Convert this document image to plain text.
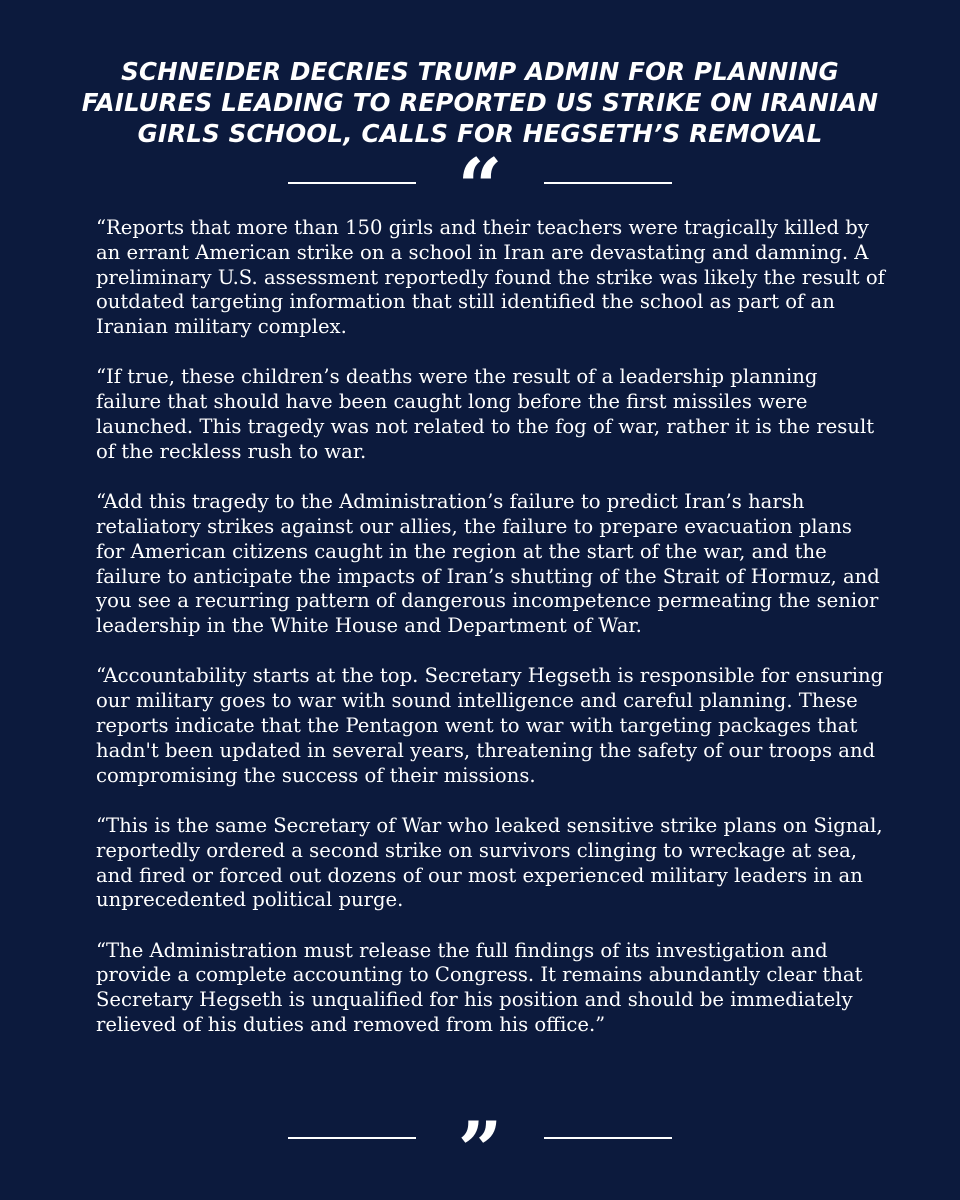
SCHNEIDER DECRIES TRUMP ADMIN FOR PLANNING FAILURES LEADING TO REPORTED US STRIKE ON IRANIAN GIRLS SCHOOL, CALLS FOR HEGSETH’S REMOVAL
“

“Reports that more than 150 girls and their teachers were tragically killed by an errant American strike on a school in Iran are devastating and damning. A preliminary U.S. assessment reportedly found the strike was likely the result of outdated targeting information that still identified the school as part of an Iranian military complex.

“If true, these children’s deaths were the result of a leadership planning failure that should have been caught long before the first missiles were launched. This tragedy was not related to the fog of war, rather it is the result of the reckless rush to war.

“Add this tragedy to the Administration’s failure to predict Iran’s harsh retaliatory strikes against our allies, the failure to prepare evacuation plans for American citizens caught in the region at the start of the war, and the failure to anticipate the impacts of Iran’s shutting of the Strait of Hormuz, and you see a recurring pattern of dangerous incompetence permeating the senior leadership in the White House and Department of War.

“Accountability starts at the top. Secretary Hegseth is responsible for ensuring our military goes to war with sound intelligence and careful planning. These reports indicate that the Pentagon went to war with targeting packages that hadn't been updated in several years, threatening the safety of our troops and compromising the success of their missions.

“This is the same Secretary of War who leaked sensitive strike plans on Signal, reportedly ordered a second strike on survivors clinging to wreckage at sea, and fired or forced out dozens of our most experienced military leaders in an unprecedented political purge.

“The Administration must release the full findings of its investigation and provide a complete accounting to Congress. It remains abundantly clear that Secretary Hegseth is unqualified for his position and should be immediately relieved of his duties and removed from his office.”

”
